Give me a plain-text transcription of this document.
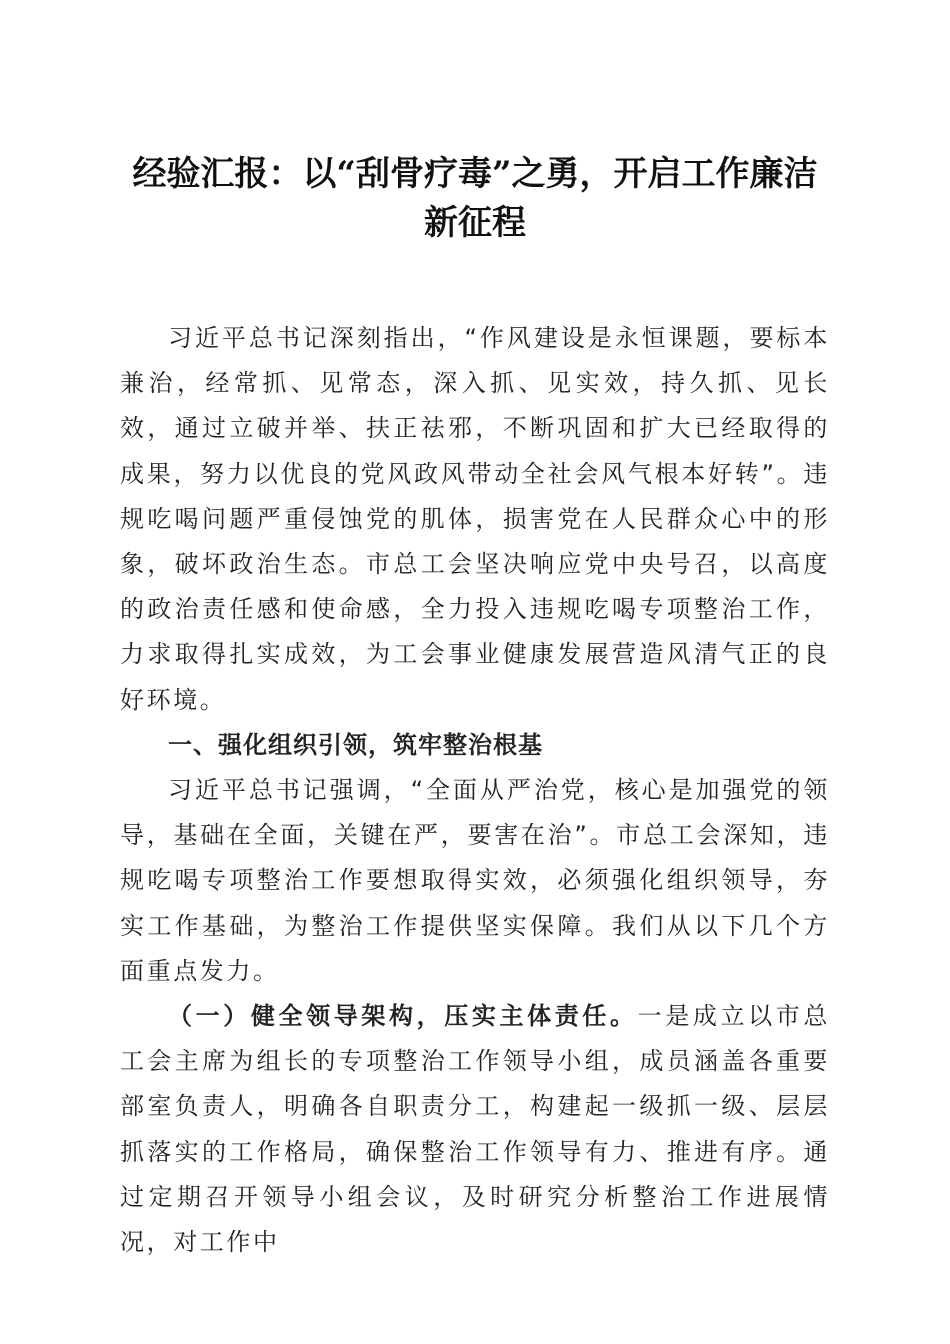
经验汇报：以“刮骨疗毒”之勇，开启工作廉洁新征程

习近平总书记深刻指出，“作风建设是永恒课题，要标本兼治，经常抓、见常态，深入抓、见实效，持久抓、见长效，通过立破并举、扶正祛邪，不断巩固和扩大已经取得的成果，努力以优良的党风政风带动全社会风气根本好转”。违规吃喝问题严重侵蚀党的肌体，损害党在人民群众心中的形象，破坏政治生态。市总工会坚决响应党中央号召，以高度的政治责任感和使命感，全力投入违规吃喝专项整治工作，力求取得扎实成效，为工会事业健康发展营造风清气正的良好环境。

一、强化组织引领，筑牢整治根基

习近平总书记强调，“全面从严治党，核心是加强党的领导，基础在全面，关键在严，要害在治”。市总工会深知，违规吃喝专项整治工作要想取得实效，必须强化组织领导，夯实工作基础，为整治工作提供坚实保障。我们从以下几个方面重点发力。

（一）健全领导架构，压实主体责任。一是成立以市总工会主席为组长的专项整治工作领导小组，成员涵盖各重要部室负责人，明确各自职责分工，构建起一级抓一级、层层抓落实的工作格局，确保整治工作领导有力、推进有序。通过定期召开领导小组会议，及时研究分析整治工作进展情况，对工作中
